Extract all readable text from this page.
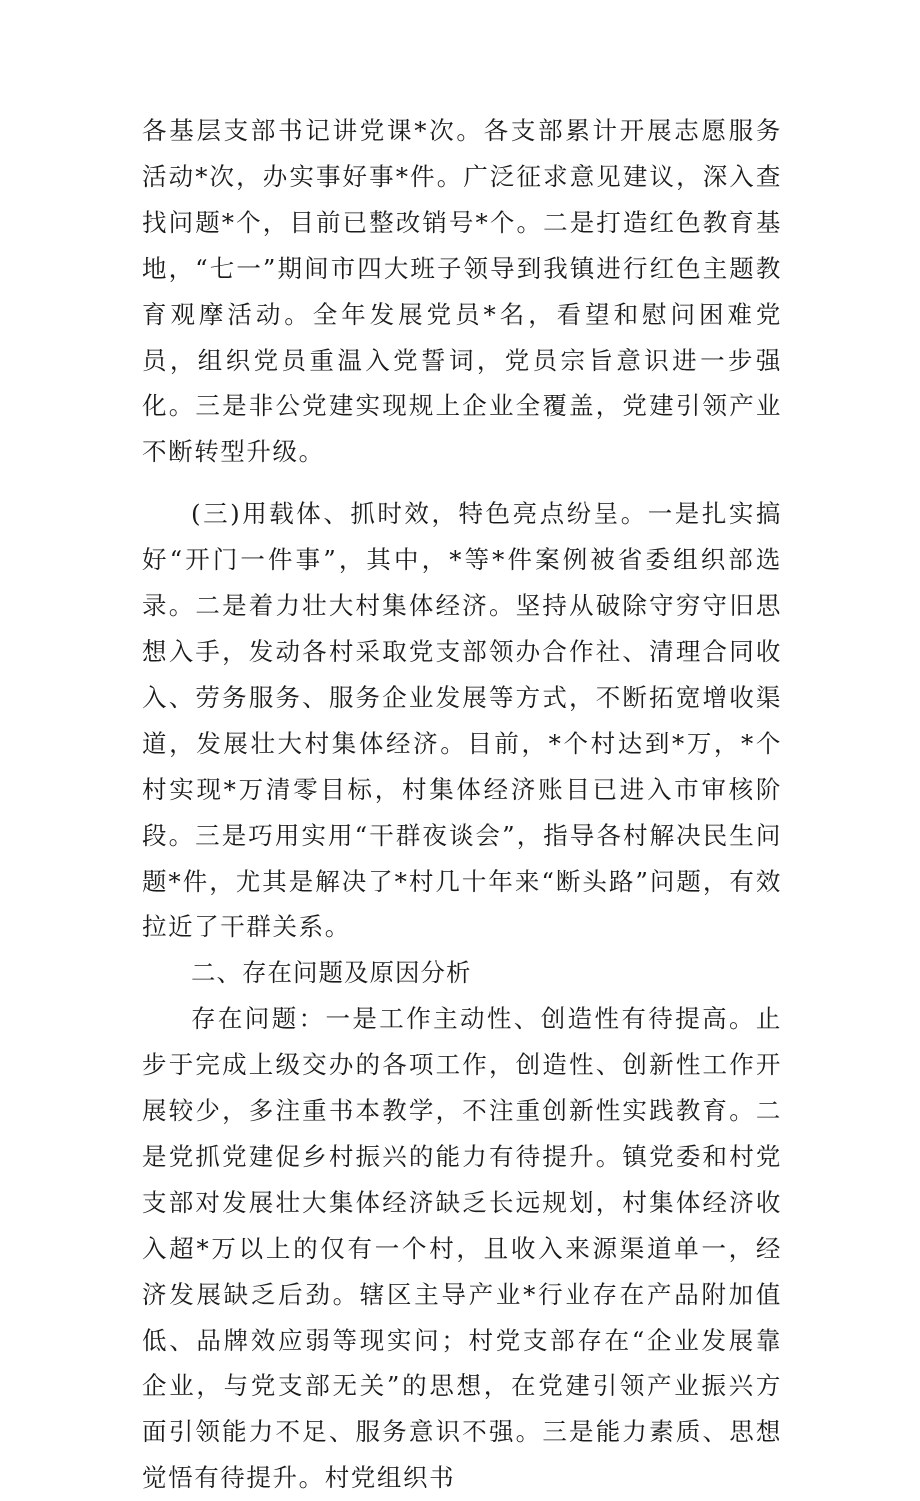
各基层支部书记讲党课*次。各支部累计开展志愿服务活动*次，办实事好事*件。广泛征求意见建议，深入查找问题*个，目前已整改销号*个。二是打造红色教育基地，“七一”期间市四大班子领导到我镇进行红色主题教育观摩活动。全年发展党员*名，看望和慰问困难党员，组织党员重温入党誓词，党员宗旨意识进一步强化。三是非公党建实现规上企业全覆盖，党建引领产业不断转型升级。

(三)用载体、抓时效，特色亮点纷呈。一是扎实搞好“开门一件事”，其中，*等*件案例被省委组织部选录。二是着力壮大村集体经济。坚持从破除守穷守旧思想入手，发动各村采取党支部领办合作社、清理合同收入、劳务服务、服务企业发展等方式，不断拓宽增收渠道，发展壮大村集体经济。目前，*个村达到*万，*个村实现*万清零目标，村集体经济账目已进入市审核阶段。三是巧用实用“干群夜谈会”，指导各村解决民生问题*件，尤其是解决了*村几十年来“断头路”问题，有效拉近了干群关系。

二、存在问题及原因分析

存在问题：一是工作主动性、创造性有待提高。止步于完成上级交办的各项工作，创造性、创新性工作开展较少，多注重书本教学，不注重创新性实践教育。二是党抓党建促乡村振兴的能力有待提升。镇党委和村党支部对发展壮大集体经济缺乏长远规划，村集体经济收入超*万以上的仅有一个村，且收入来源渠道单一，经济发展缺乏后劲。辖区主导产业*行业存在产品附加值低、品牌效应弱等现实问；村党支部存在“企业发展靠企业，与党支部无关”的思想，在党建引领产业振兴方面引领能力不足、服务意识不强。三是能力素质、思想觉悟有待提升。村党组织书
